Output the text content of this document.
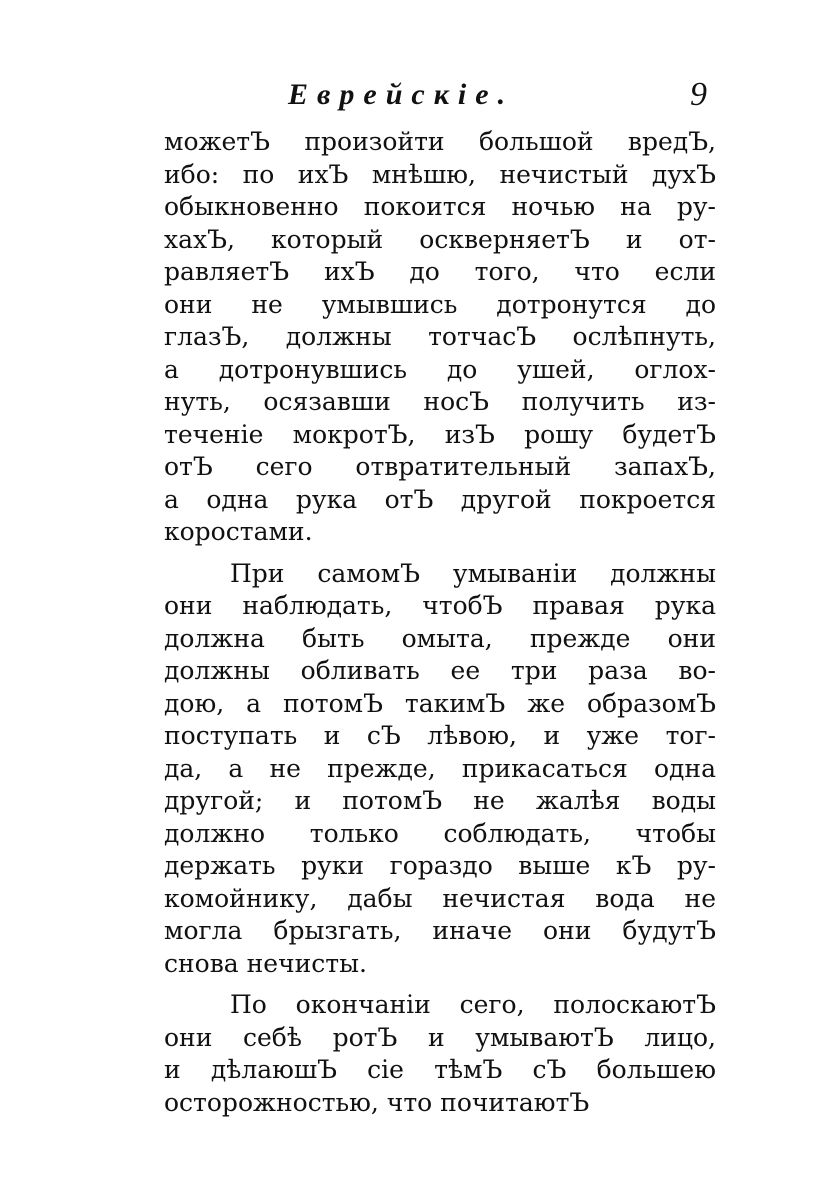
Еврейскiе.	9
можетЪ произойти большой вредЪ,
ибо: по ихЪ мнѣшю, нечистый духЪ
обыкновенно покоится ночью на ру-
хахЪ, который оскверняетЪ и от-
равляетЪ ихЪ до того, что если
они не умывшись дотронутся до
глазЪ, должны тотчасЪ ослѣпнуть,
а дотронувшись до ушей, оглох-
нуть, осязавши носЪ получить из-
теченiе мокротЪ, изЪ рошу будетЪ
отЪ сего отвратительный запахЪ,
а одна рука отЪ другой покроется
коростами.
При самомЪ умыванiи должны
они наблюдать, чтобЪ правая рука
должна быть омыта, прежде они
должны обливать ее три раза во-
дою, а потомЪ такимЪ же образомЪ
поступать и сЪ лѣвою, и уже тог-
да, а не прежде, прикасаться одна
другой; и потомЪ не жалѣя воды
должно только соблюдать, чтобы
держать руки гораздо выше кЪ ру-
комойнику, дабы нечистая вода не
могла брызгать, иначе они будутЪ
снова нечисты.
По окончанiи сего, полоскаютЪ
они себѣ ротЪ и умываютЪ лицо,
и дѣлаюшЪ сiе тѣмЪ сЪ большею
осторожностью, что почитаютЪ
